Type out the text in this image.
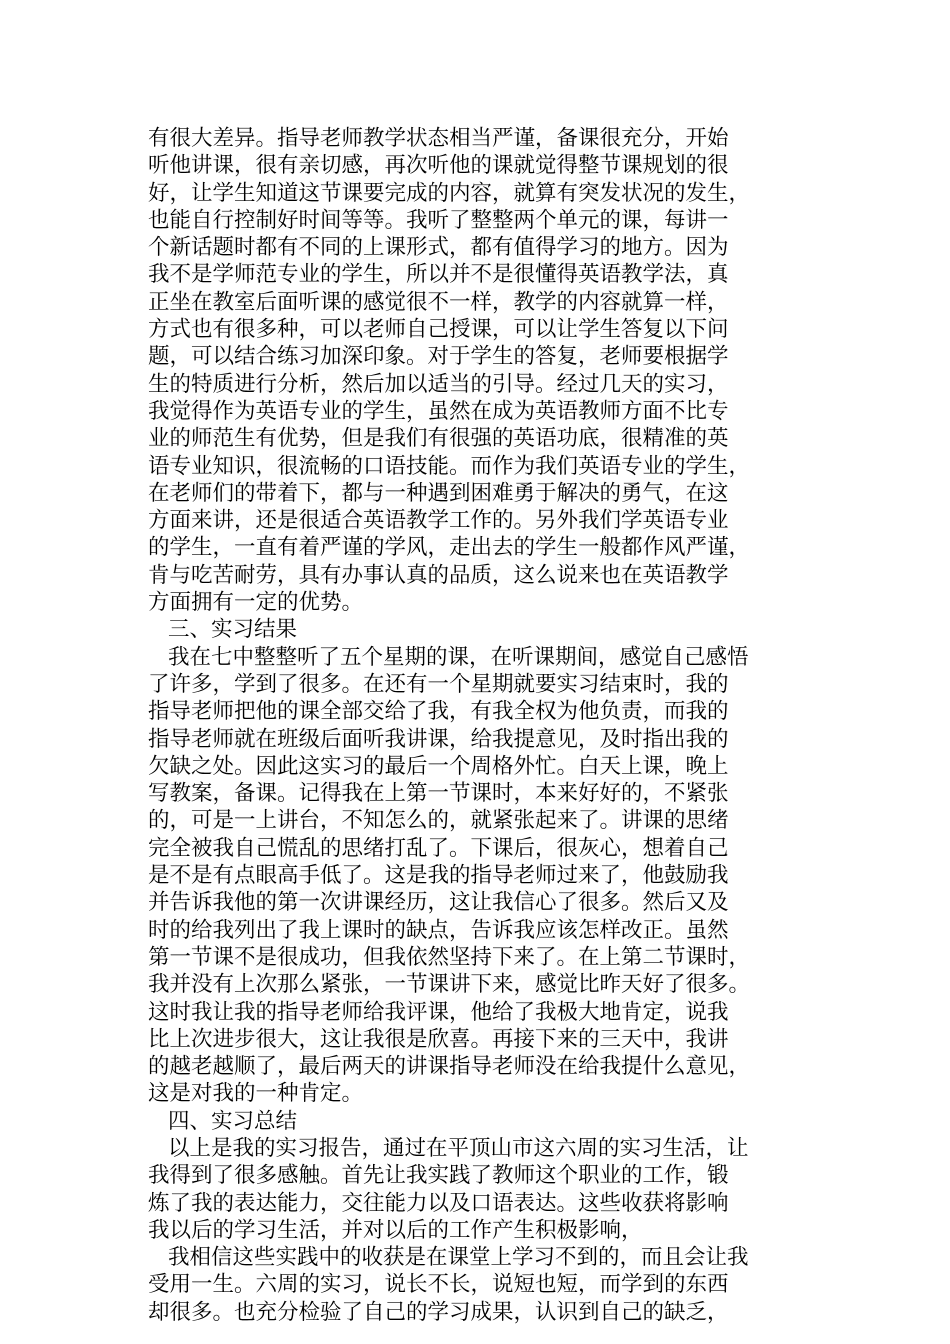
有很大差异。指导老师教学状态相当严谨，备课很充分，开始
听他讲课，很有亲切感，再次听他的课就觉得整节课规划的很
好，让学生知道这节课要完成的内容，就算有突发状况的发生，
也能自行控制好时间等等。我听了整整两个单元的课，每讲一
个新话题时都有不同的上课形式，都有值得学习的地方。因为
我不是学师范专业的学生，所以并不是很懂得英语教学法，真
正坐在教室后面听课的感觉很不一样，教学的内容就算一样，
方式也有很多种，可以老师自己授课，可以让学生答复以下问
题，可以结合练习加深印象。对于学生的答复，老师要根据学
生的特质进行分析，然后加以适当的引导。经过几天的实习，
我觉得作为英语专业的学生，虽然在成为英语教师方面不比专
业的师范生有优势，但是我们有很强的英语功底，很精准的英
语专业知识，很流畅的口语技能。而作为我们英语专业的学生，
在老师们的带着下，都与一种遇到困难勇于解决的勇气，在这
方面来讲，还是很适合英语教学工作的。另外我们学英语专业
的学生，一直有着严谨的学风，走出去的学生一般都作风严谨，
肯与吃苦耐劳，具有办事认真的品质，这么说来也在英语教学
方面拥有一定的优势。
三、实习结果
我在七中整整听了五个星期的课，在听课期间，感觉自己感悟
了许多，学到了很多。在还有一个星期就要实习结束时，我的
指导老师把他的课全部交给了我，有我全权为他负责，而我的
指导老师就在班级后面听我讲课，给我提意见，及时指出我的
欠缺之处。因此这实习的最后一个周格外忙。白天上课，晚上
写教案，备课。记得我在上第一节课时，本来好好的，不紧张
的，可是一上讲台，不知怎么的，就紧张起来了。讲课的思绪
完全被我自己慌乱的思绪打乱了。下课后，很灰心，想着自己
是不是有点眼高手低了。这是我的指导老师过来了，他鼓励我
并告诉我他的第一次讲课经历，这让我信心了很多。然后又及
时的给我列出了我上课时的缺点，告诉我应该怎样改正。虽然
第一节课不是很成功，但我依然坚持下来了。在上第二节课时，
我并没有上次那么紧张，一节课讲下来，感觉比昨天好了很多。
这时我让我的指导老师给我评课，他给了我极大地肯定，说我
比上次进步很大，这让我很是欣喜。再接下来的三天中，我讲
的越老越顺了，最后两天的讲课指导老师没在给我提什么意见，
这是对我的一种肯定。
四、实习总结
以上是我的实习报告，通过在平顶山市这六周的实习生活，让
我得到了很多感触。首先让我实践了教师这个职业的工作，锻
炼了我的表达能力，交往能力以及口语表达。这些收获将影响
我以后的学习生活，并对以后的工作产生积极影响，
我相信这些实践中的收获是在课堂上学习不到的，而且会让我
受用一生。六周的实习，说长不长，说短也短，而学到的东西
却很多。也充分检验了自己的学习成果，认识到自己的缺乏，
